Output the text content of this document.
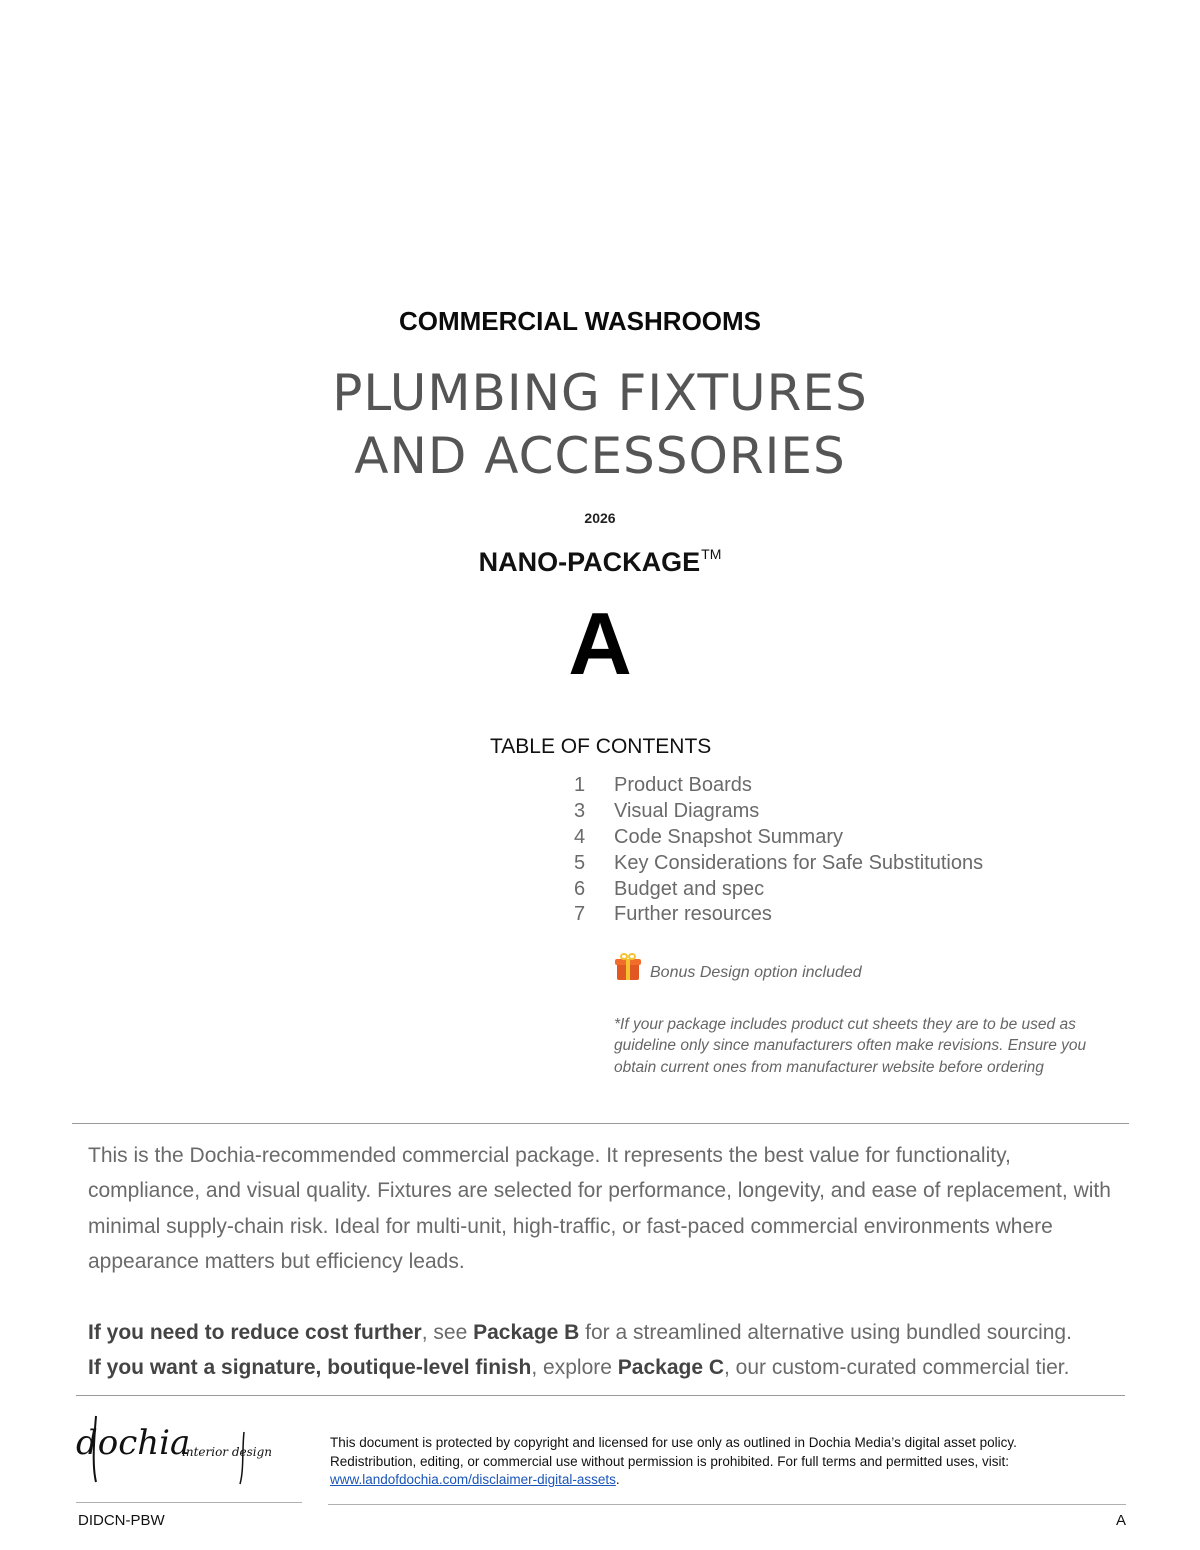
COMMERCIAL WASHROOMS
PLUMBING FIXTURES
AND ACCESSORIES
2026
NANO-PACKAGE™
A
TABLE OF CONTENTS
1	Product Boards
3	Visual Diagrams
4	Code Snapshot Summary
5	Key Considerations for Safe Substitutions
6	Budget and spec
7	Further resources
Bonus Design option included
*If your package includes product cut sheets they are to be used as guideline only since manufacturers often make revisions. Ensure you obtain current ones from manufacturer website before ordering
This is the Dochia-recommended commercial package. It represents the best value for functionality, compliance, and visual quality. Fixtures are selected for performance, longevity, and ease of replacement, with minimal supply-chain risk. Ideal for multi-unit, high-traffic, or fast-paced commercial environments where appearance matters but efficiency leads.
If you need to reduce cost further, see Package B for a streamlined alternative using bundled sourcing.
If you want a signature, boutique-level finish, explore Package C, our custom-curated commercial tier.
dochia
interior design
This document is protected by copyright and licensed for use only as outlined in Dochia Media’s digital asset policy. Redistribution, editing, or commercial use without permission is prohibited. For full terms and permitted uses, visit: www.landofdochia.com/disclaimer-digital-assets.
DIDCN-PBW	A
